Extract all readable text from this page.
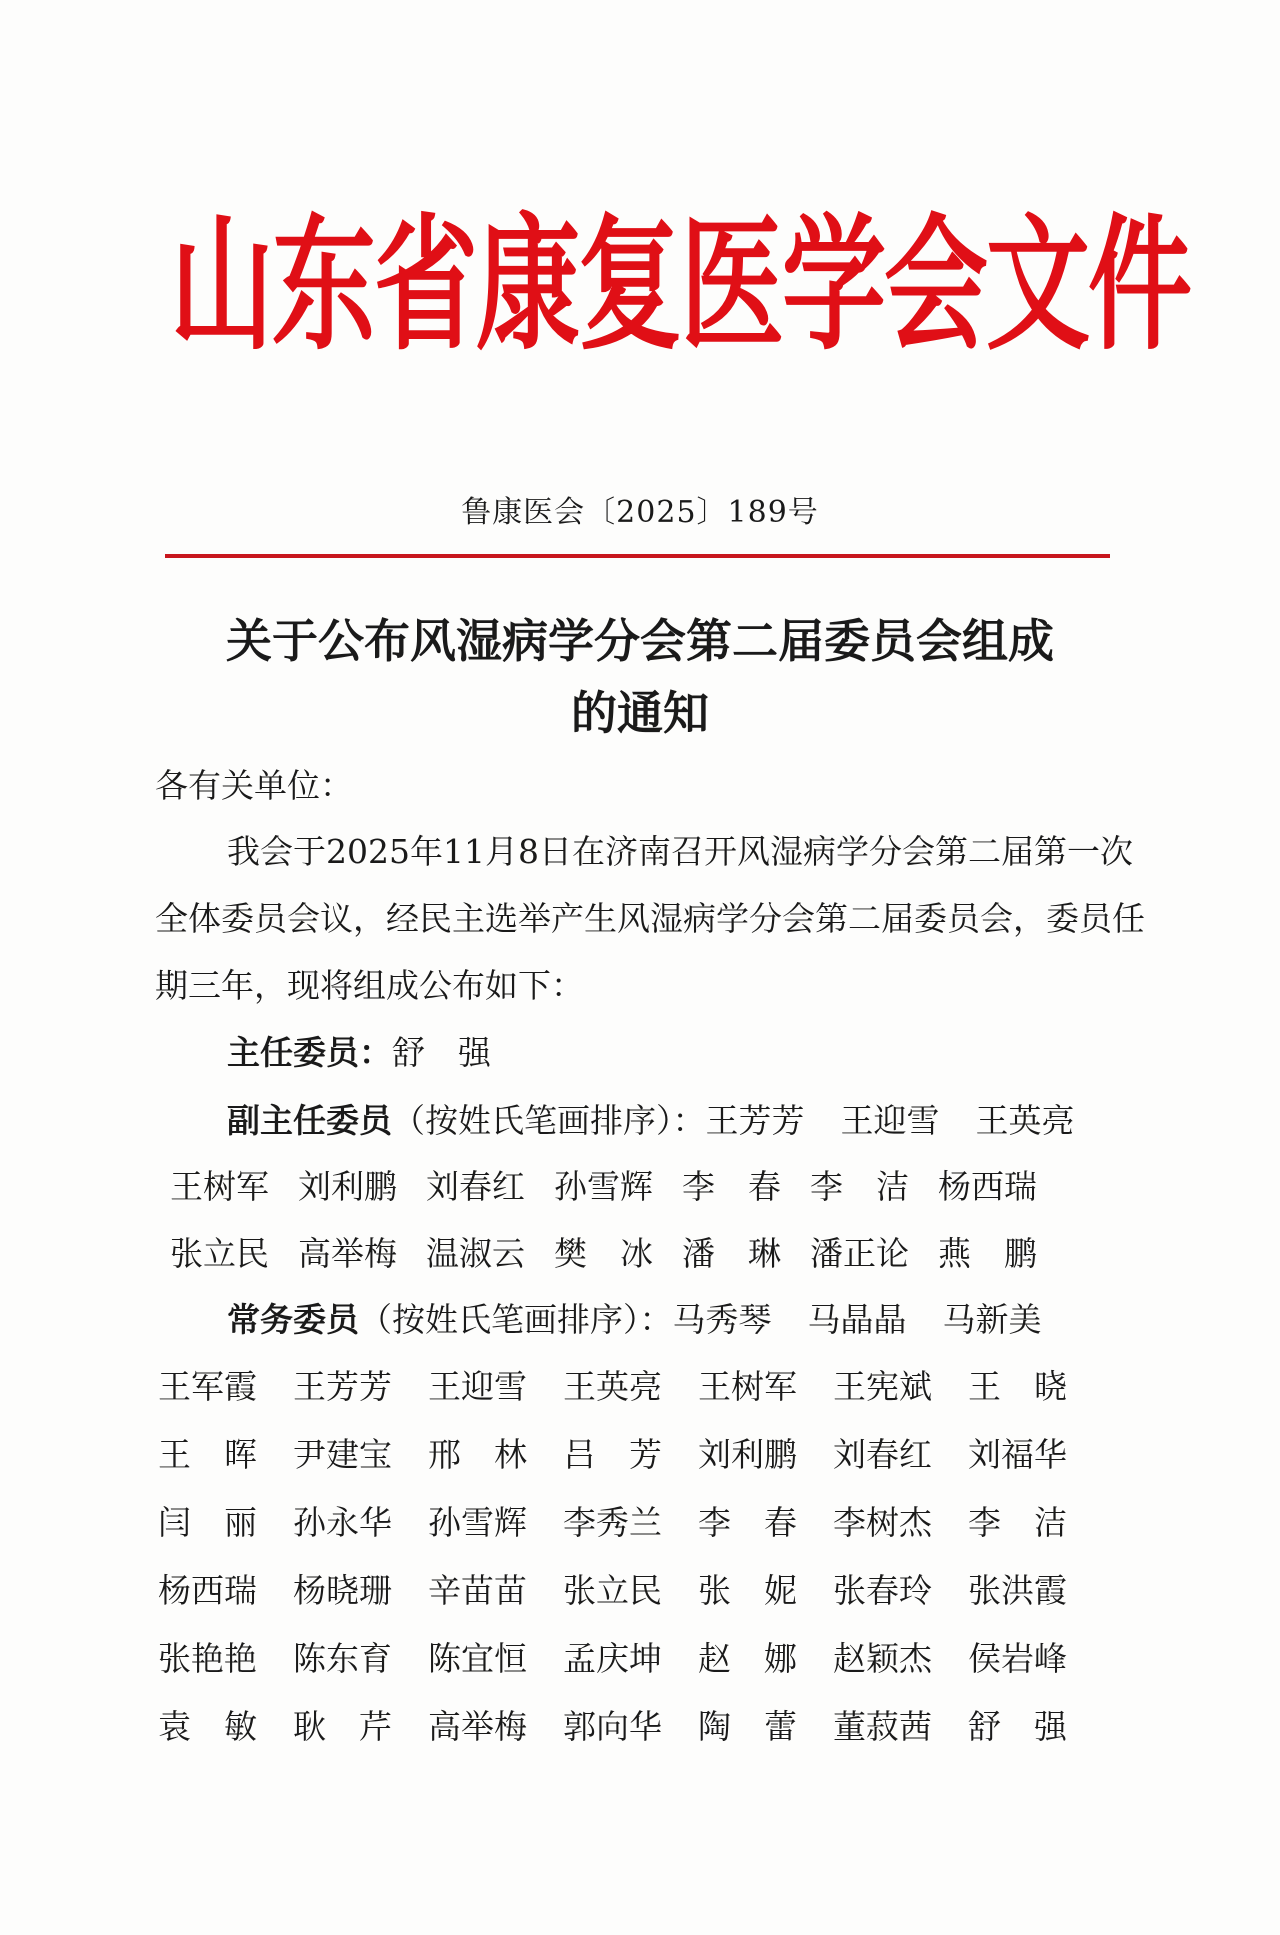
山东省康复医学会文件
鲁康医会〔2025〕189号
关于公布风湿病学分会第二届委员会组成
的通知

各有关单位：

我会于2025年11月8日在济南召开风湿病学分会第二届第一次全体委员会议，经民主选举产生风湿病学分会第二届委员会，委员任期三年，现将组成公布如下：

主任委员：舒　强
副主任委员（按姓氏笔画排序）：王芳芳 王迎雪 王英亮
王树军 刘利鹏 刘春红 孙雪辉 李　春 李　洁 杨西瑞
张立民 高举梅 温淑云 樊　冰 潘　琳 潘正论 燕　鹏
常务委员（按姓氏笔画排序）：马秀琴 马晶晶 马新美
王军霞	王芳芳	王迎雪	王英亮	王树军	王宪斌	王　晓
王　晖	尹建宝	邢　林	吕　芳	刘利鹏	刘春红	刘福华
闫　丽	孙永华	孙雪辉	李秀兰	李　春	李树杰	李　洁
杨西瑞	杨晓珊	辛苗苗	张立民	张　妮	张春玲	张洪霞
张艳艳	陈东育	陈宜恒	孟庆坤	赵　娜	赵颖杰	侯岩峰
袁　敏	耿　芹	高举梅	郭向华	陶　蕾	董菽茜	舒　强
